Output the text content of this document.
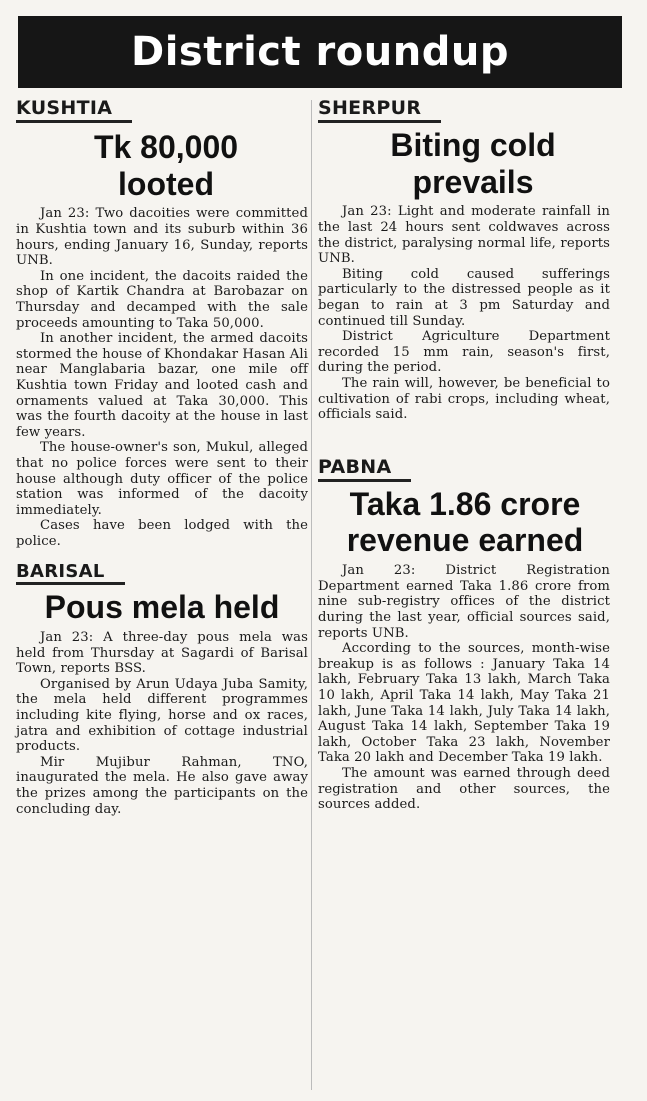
District roundup
KUSHTIA
Tk 80,000 looted

Jan 23: Two dacoities were committed in Kushtia town and its suburb within 36 hours, ending January 16, Sunday, reports UNB.

In one incident, the dacoits raided the shop of Kartik Chandra at Barobazar on Thursday and decamped with the sale proceeds amounting to Taka 50,000.

In another incident, the armed dacoits stormed the house of Khondakar Hasan Ali near Manglabaria bazar, one mile off Kushtia town Friday and looted cash and ornaments valued at Taka 30,000. This was the fourth dacoity at the house in last few years.

The house-owner's son, Mukul, alleged that no police forces were sent to their house although duty officer of the police station was informed of the dacoity immediately.

Cases have been lodged with the police.

BARISAL
Pous mela held

Jan 23: A three-day pous mela was held from Thursday at Sagardi of Barisal Town, reports BSS.

Organised by Arun Udaya Juba Samity, the mela held different programmes including kite flying, horse and ox races, jatra and exhibition of cottage industrial products.

Mir Mujibur Rahman, TNO, inaugurated the mela. He also gave away the prizes among the participants on the concluding day.

SHERPUR
Biting cold prevails

Jan 23: Light and moderate rainfall in the last 24 hours sent coldwaves across the district, paralysing normal life, reports UNB.

Biting cold caused sufferings particularly to the distressed people as it began to rain at 3 pm Saturday and continued till Sunday.

District Agriculture Department recorded 15 mm rain, season's first, during the period.

The rain will, however, be beneficial to cultivation of rabi crops, including wheat, officials said.

PABNA
Taka 1.86 crore revenue earned

Jan 23: District Registration Department earned Taka 1.86 crore from nine sub-registry offices of the district during the last year, official sources said, reports UNB.

According to the sources, month-wise breakup is as follows : January Taka 14 lakh, February Taka 13 lakh, March Taka 10 lakh, April Taka 14 lakh, May Taka 21 lakh, June Taka 14 lakh, July Taka 14 lakh, August Taka 14 lakh, September Taka 19 lakh, October Taka 23 lakh, November Taka 20 lakh and December Taka 19 lakh.

The amount was earned through deed registration and other sources, the sources added.
